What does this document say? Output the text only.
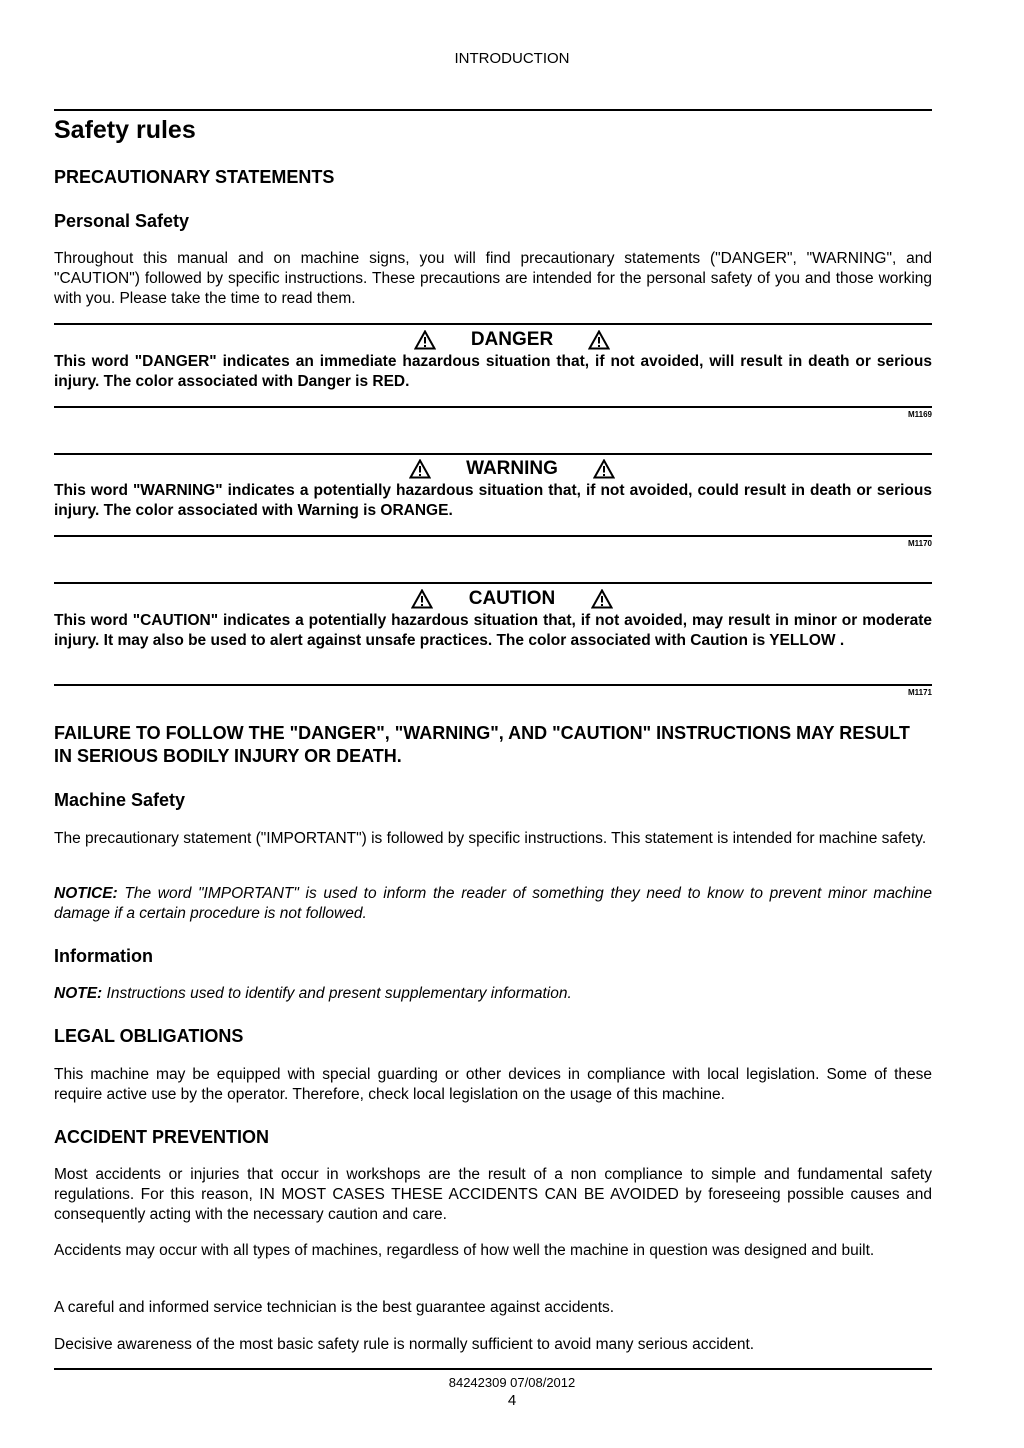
INTRODUCTION
Safety rules
PRECAUTIONARY STATEMENTS
Personal Safety
Throughout this manual and on machine signs, you will find precautionary statements ("DANGER", "WARNING", and "CAUTION") followed by specific instructions. These precautions are intended for the personal safety of you and those working with you. Please take the time to read them.
DANGER
This word "DANGER" indicates an immediate hazardous situation that, if not avoided, will result in death or serious injury. The color associated with Danger is RED.
M1169
WARNING
This word "WARNING" indicates a potentially hazardous situation that, if not avoided, could result in death or serious injury. The color associated with Warning is ORANGE.
M1170
CAUTION
This word "CAUTION" indicates a potentially hazardous situation that, if not avoided, may result in minor or moderate injury. It may also be used to alert against unsafe practices. The color associated with Caution is YELLOW .
M1171
FAILURE TO FOLLOW THE "DANGER", "WARNING", AND "CAUTION" INSTRUCTIONS MAY RESULT IN SERIOUS BODILY INJURY OR DEATH.
Machine Safety
The precautionary statement ("IMPORTANT") is followed by specific instructions. This statement is intended for machine safety.
NOTICE: The word "IMPORTANT" is used to inform the reader of something they need to know to prevent minor machine damage if a certain procedure is not followed.
Information
NOTE: Instructions used to identify and present supplementary information.
LEGAL OBLIGATIONS
This machine may be equipped with special guarding or other devices in compliance with local legislation. Some of these require active use by the operator. Therefore, check local legislation on the usage of this machine.
ACCIDENT PREVENTION
Most accidents or injuries that occur in workshops are the result of a non compliance to simple and fundamental safety regulations. For this reason, IN MOST CASES THESE ACCIDENTS CAN BE AVOIDED by foreseeing possible causes and consequently acting with the necessary caution and care.
Accidents may occur with all types of machines, regardless of how well the machine in question was designed and built.
A careful and informed service technician is the best guarantee against accidents.
Decisive awareness of the most basic safety rule is normally sufficient to avoid many serious accident.
84242309 07/08/2012
4
